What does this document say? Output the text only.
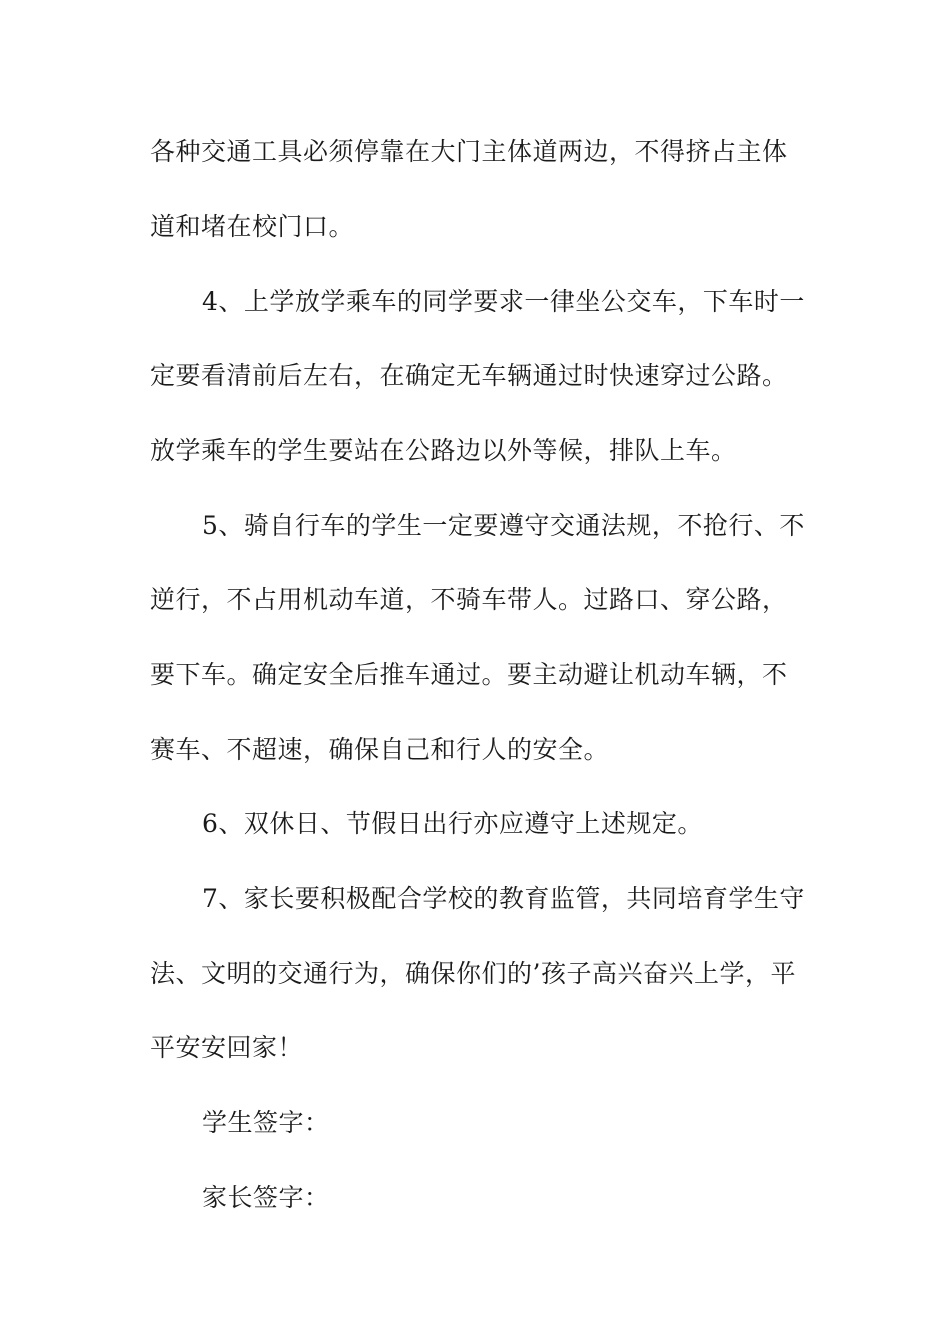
各种交通工具必须停靠在大门主体道两边，不得挤占主体
道和堵在校门口。
4、上学放学乘车的同学要求一律坐公交车，下车时一
定要看清前后左右，在确定无车辆通过时快速穿过公路。
放学乘车的学生要站在公路边以外等候，排队上车。
5、骑自行车的学生一定要遵守交通法规，不抢行、不
逆行，不占用机动车道，不骑车带人。过路口、穿公路，
要下车。确定安全后推车通过。要主动避让机动车辆，不
赛车、不超速，确保自己和行人的安全。
6、双休日、节假日出行亦应遵守上述规定。
7、家长要积极配合学校的教育监管，共同培育学生守
法、文明的交通行为，确保你们的’孩子高兴奋兴上学，平
平安安回家！
学生签字：
家长签字：
